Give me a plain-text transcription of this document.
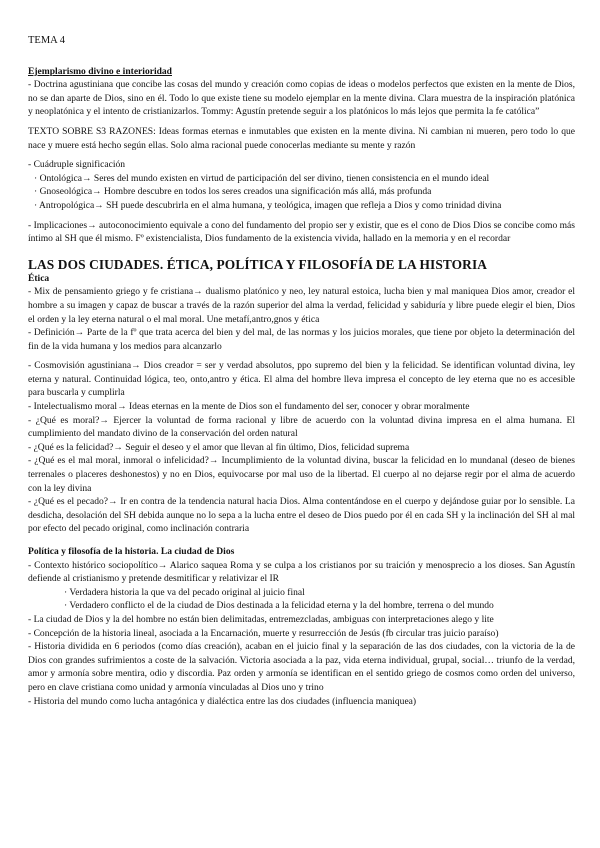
TEMA 4

Ejemplarismo divino e interioridad

- Doctrina agustiniana que concibe las cosas del mundo y creación como copias de ideas o modelos perfectos que existen en la mente de Dios, no se dan aparte de Dios, sino en él. Todo lo que existe tiene su modelo ejemplar en la mente divina. Clara muestra de la inspiración platónica y neoplatónica y el intento de cristianizarlos. Tommy: Agustín pretende seguir a los platónicos lo más lejos que permita la fe católica”

TEXTO SOBRE S3 RAZONES: Ideas formas eternas e inmutables que existen en la mente divina. Ni cambian ni mueren, pero todo lo que nace y muere está hecho según ellas. Solo alma racional puede conocerlas mediante su mente y razón

- Cuádruple significación

· Ontológica→ Seres del mundo existen en virtud de participación del ser divino, tienen consistencia en el mundo ideal

· Gnoseológica→ Hombre descubre en todos los seres creados una significación más allá, más profunda

· Antropológica→ SH puede descubrirla en el alma humana, y teológica, imagen que refleja a Dios y como trinidad divina

- Implicaciones→ autoconocimiento equivale a cono del fundamento del propio ser y existir, que es el cono de Dios Dios se concibe como más íntimo al SH que él mismo. Fº existencialista, Dios fundamento de la existencia vivida, hallado en la memoria y en el recordar

LAS DOS CIUDADES. ÉTICA, POLÍTICA Y FILOSOFÍA DE LA HISTORIA

Ética

- Mix de pensamiento griego y fe cristiana→ dualismo platónico y neo, ley natural estoica, lucha bien y mal maniquea Dios amor, creador el hombre a su imagen y capaz de buscar a través de la razón superior del alma la verdad, felicidad y sabiduría y libre puede elegir el bien, Dios el orden y la ley eterna natural o el mal moral. Une metafí,antro,gnos y ética

- Definición→ Parte de la fº que trata acerca del bien y del mal, de las normas y los juicios morales, que tiene por objeto la determinación del fin de la vida humana y los medios para alcanzarlo

- Cosmovisión agustiniana→ Dios creador = ser y verdad absolutos, ppo supremo del bien y la felicidad. Se identifican voluntad divina, ley eterna y natural. Continuidad lógica, teo, onto,antro y ética. El alma del hombre lleva impresa el concepto de ley eterna que no es accesible para buscarla y cumplirla

- Intelectualismo moral→ Ideas eternas en la mente de Dios son el fundamento del ser, conocer y obrar moralmente

- ¿Qué es moral?→ Ejercer la voluntad de forma racional y libre de acuerdo con la voluntad divina impresa en el alma humana. El cumplimiento del mandato divino de la conservación del orden natural

- ¿Qué es la felicidad?→ Seguir el deseo y el amor que llevan al fin último, Dios, felicidad suprema

- ¿Qué es el mal moral, inmoral o infelicidad?→ Incumplimiento de la voluntad divina, buscar la felicidad en lo mundanal (deseo de bienes terrenales o placeres deshonestos) y no en Dios, equivocarse por mal uso de la libertad. El cuerpo al no dejarse regir por el alma de acuerdo con la ley divina

- ¿Qué es el pecado?→ Ir en contra de la tendencia natural hacia Dios. Alma contentándose en el cuerpo y dejándose guiar por lo sensible. La desdicha, desolación del SH debida aunque no lo sepa a la lucha entre el deseo de Dios puedo por él en cada SH y la inclinación del SH al mal por efecto del pecado original, como inclinación contraria

Política y filosofía de la historia. La ciudad de Dios

- Contexto histórico sociopolítico→ Alarico saquea Roma y se culpa a los cristianos por su traición y menosprecio a los dioses. San Agustín defiende al cristianismo y pretende desmitificar y relativizar el IR

· Verdadera historia la que va del pecado original al juicio final

· Verdadero conflicto el de la ciudad de Dios destinada a la felicidad eterna y la del hombre, terrena o del mundo

- La ciudad de Dios y la del hombre no están bien delimitadas, entremezcladas, ambiguas con interpretaciones alego y lite

- Concepción de la historia lineal, asociada a la Encarnación, muerte y resurrección de Jesús (fb circular tras juicio paraíso)

- Historia dividida en 6 periodos (como días creación), acaban en el juicio final y la separación de las dos ciudades, con la victoria de la de Dios con grandes sufrimientos a coste de la salvación. Victoria asociada a la paz, vida eterna individual, grupal, social… triunfo de la verdad, amor y armonía sobre mentira, odio y discordia. Paz orden y armonía se identifican en el sentido griego de cosmos como orden del universo, pero en clave cristiana como unidad y armonía vinculadas al Dios uno y trino

- Historia del mundo como lucha antagónica y dialéctica entre las dos ciudades (influencia maniquea)
